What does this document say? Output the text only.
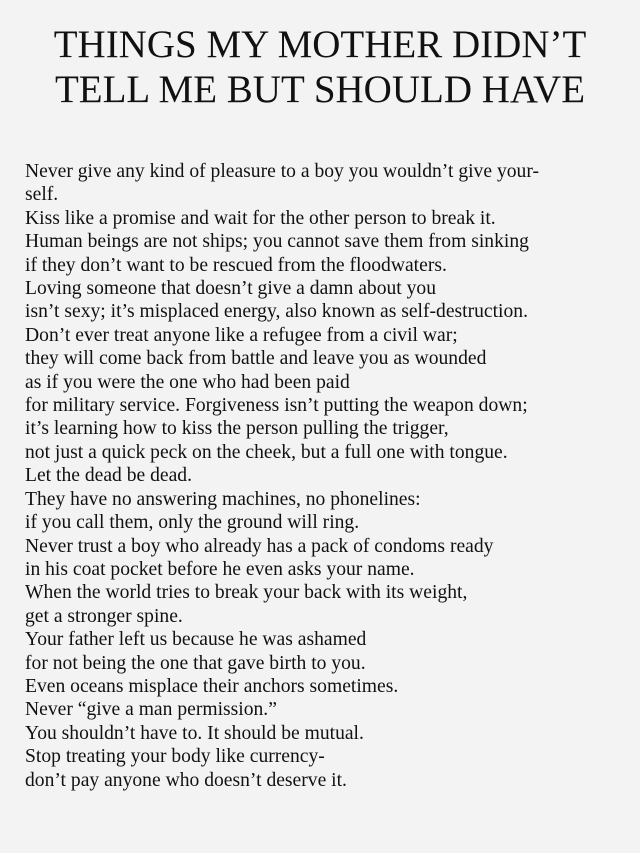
THINGS MY MOTHER DIDN’T
TELL ME BUT SHOULD HAVE
Never give any kind of pleasure to a boy you wouldn’t give your-
self.
Kiss like a promise and wait for the other person to break it.
Human beings are not ships; you cannot save them from sinking
if they don’t want to be rescued from the floodwaters.
Loving someone that doesn’t give a damn about you
isn’t sexy; it’s misplaced energy, also known as self-destruction.
Don’t ever treat anyone like a refugee from a civil war;
they will come back from battle and leave you as wounded
as if you were the one who had been paid
for military service. Forgiveness isn’t putting the weapon down;
it’s learning how to kiss the person pulling the trigger,
not just a quick peck on the cheek, but a full one with tongue.
Let the dead be dead.
They have no answering machines, no phonelines:
if you call them, only the ground will ring.
Never trust a boy who already has a pack of condoms ready
in his coat pocket before he even asks your name.
When the world tries to break your back with its weight,
get a stronger spine.
Your father left us because he was ashamed
for not being the one that gave birth to you.
Even oceans misplace their anchors sometimes.
Never “give a man permission.”
You shouldn’t have to. It should be mutual.
Stop treating your body like currency-
don’t pay anyone who doesn’t deserve it.
